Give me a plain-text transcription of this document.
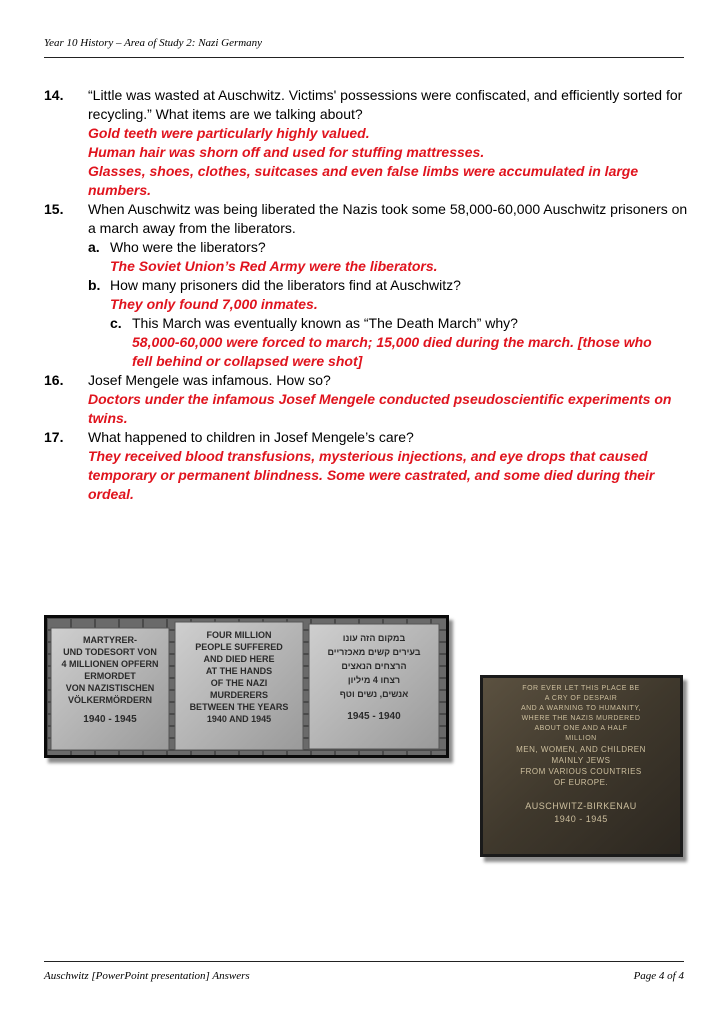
Year 10 History – Area of Study 2: Nazi Germany
14. “Little was wasted at Auschwitz. Victims' possessions were confiscated, and efficiently sorted for recycling.” What items are we talking about?
Gold teeth were particularly highly valued.
Human hair was shorn off and used for stuffing mattresses.
Glasses, shoes, clothes, suitcases and even false limbs were accumulated in large numbers.
15. When Auschwitz was being liberated the Nazis took some 58,000-60,000 Auschwitz prisoners on a march away from the liberators.
a. Who were the liberators?
The Soviet Union’s Red Army were the liberators.
b. How many prisoners did the liberators find at Auschwitz?
They only found 7,000 inmates.
c. This March was eventually known as “The Death March” why?
58,000-60,000 were forced to march; 15,000 died during the march. [those who fell behind or collapsed were shot]
16. Josef Mengele was infamous. How so?
Doctors under the infamous Josef Mengele conducted pseudoscientific experiments on twins.
17. What happened to children in Josef Mengele’s care?
They received blood transfusions, mysterious injections, and eye drops that caused temporary or permanent blindness. Some were castrated, and some died during their ordeal.
MARTYRER-
UND TODESORT VON
4 MILLIONEN OPFERN
ERMORDET
VON NAZISTISCHEN
VÖLKERMÖRDERN
1940 - 1945
FOUR MILLION
PEOPLE SUFFERED
AND DIED HERE
AT THE HANDS
OF THE NAZI
MURDERERS
BETWEEN THE YEARS
1940 AND 1945
במקום הזה עונו
בעירים קשים מאכזריים
הרצחים הנאצים
רצחו 4 מיליון
אנשים, נשים וטף
1945 - 1940
FOR EVER LET THIS PLACE BE
A CRY OF DESPAIR
AND A WARNING TO HUMANITY,
WHERE THE NAZIS MURDERED
ABOUT ONE AND A HALF
MILLION
MEN, WOMEN, AND CHILDREN
MAINLY JEWS
FROM VARIOUS COUNTRIES
OF EUROPE.
AUSCHWITZ-BIRKENAU
1940 - 1945
Auschwitz [PowerPoint presentation] Answers	Page 4 of 4
